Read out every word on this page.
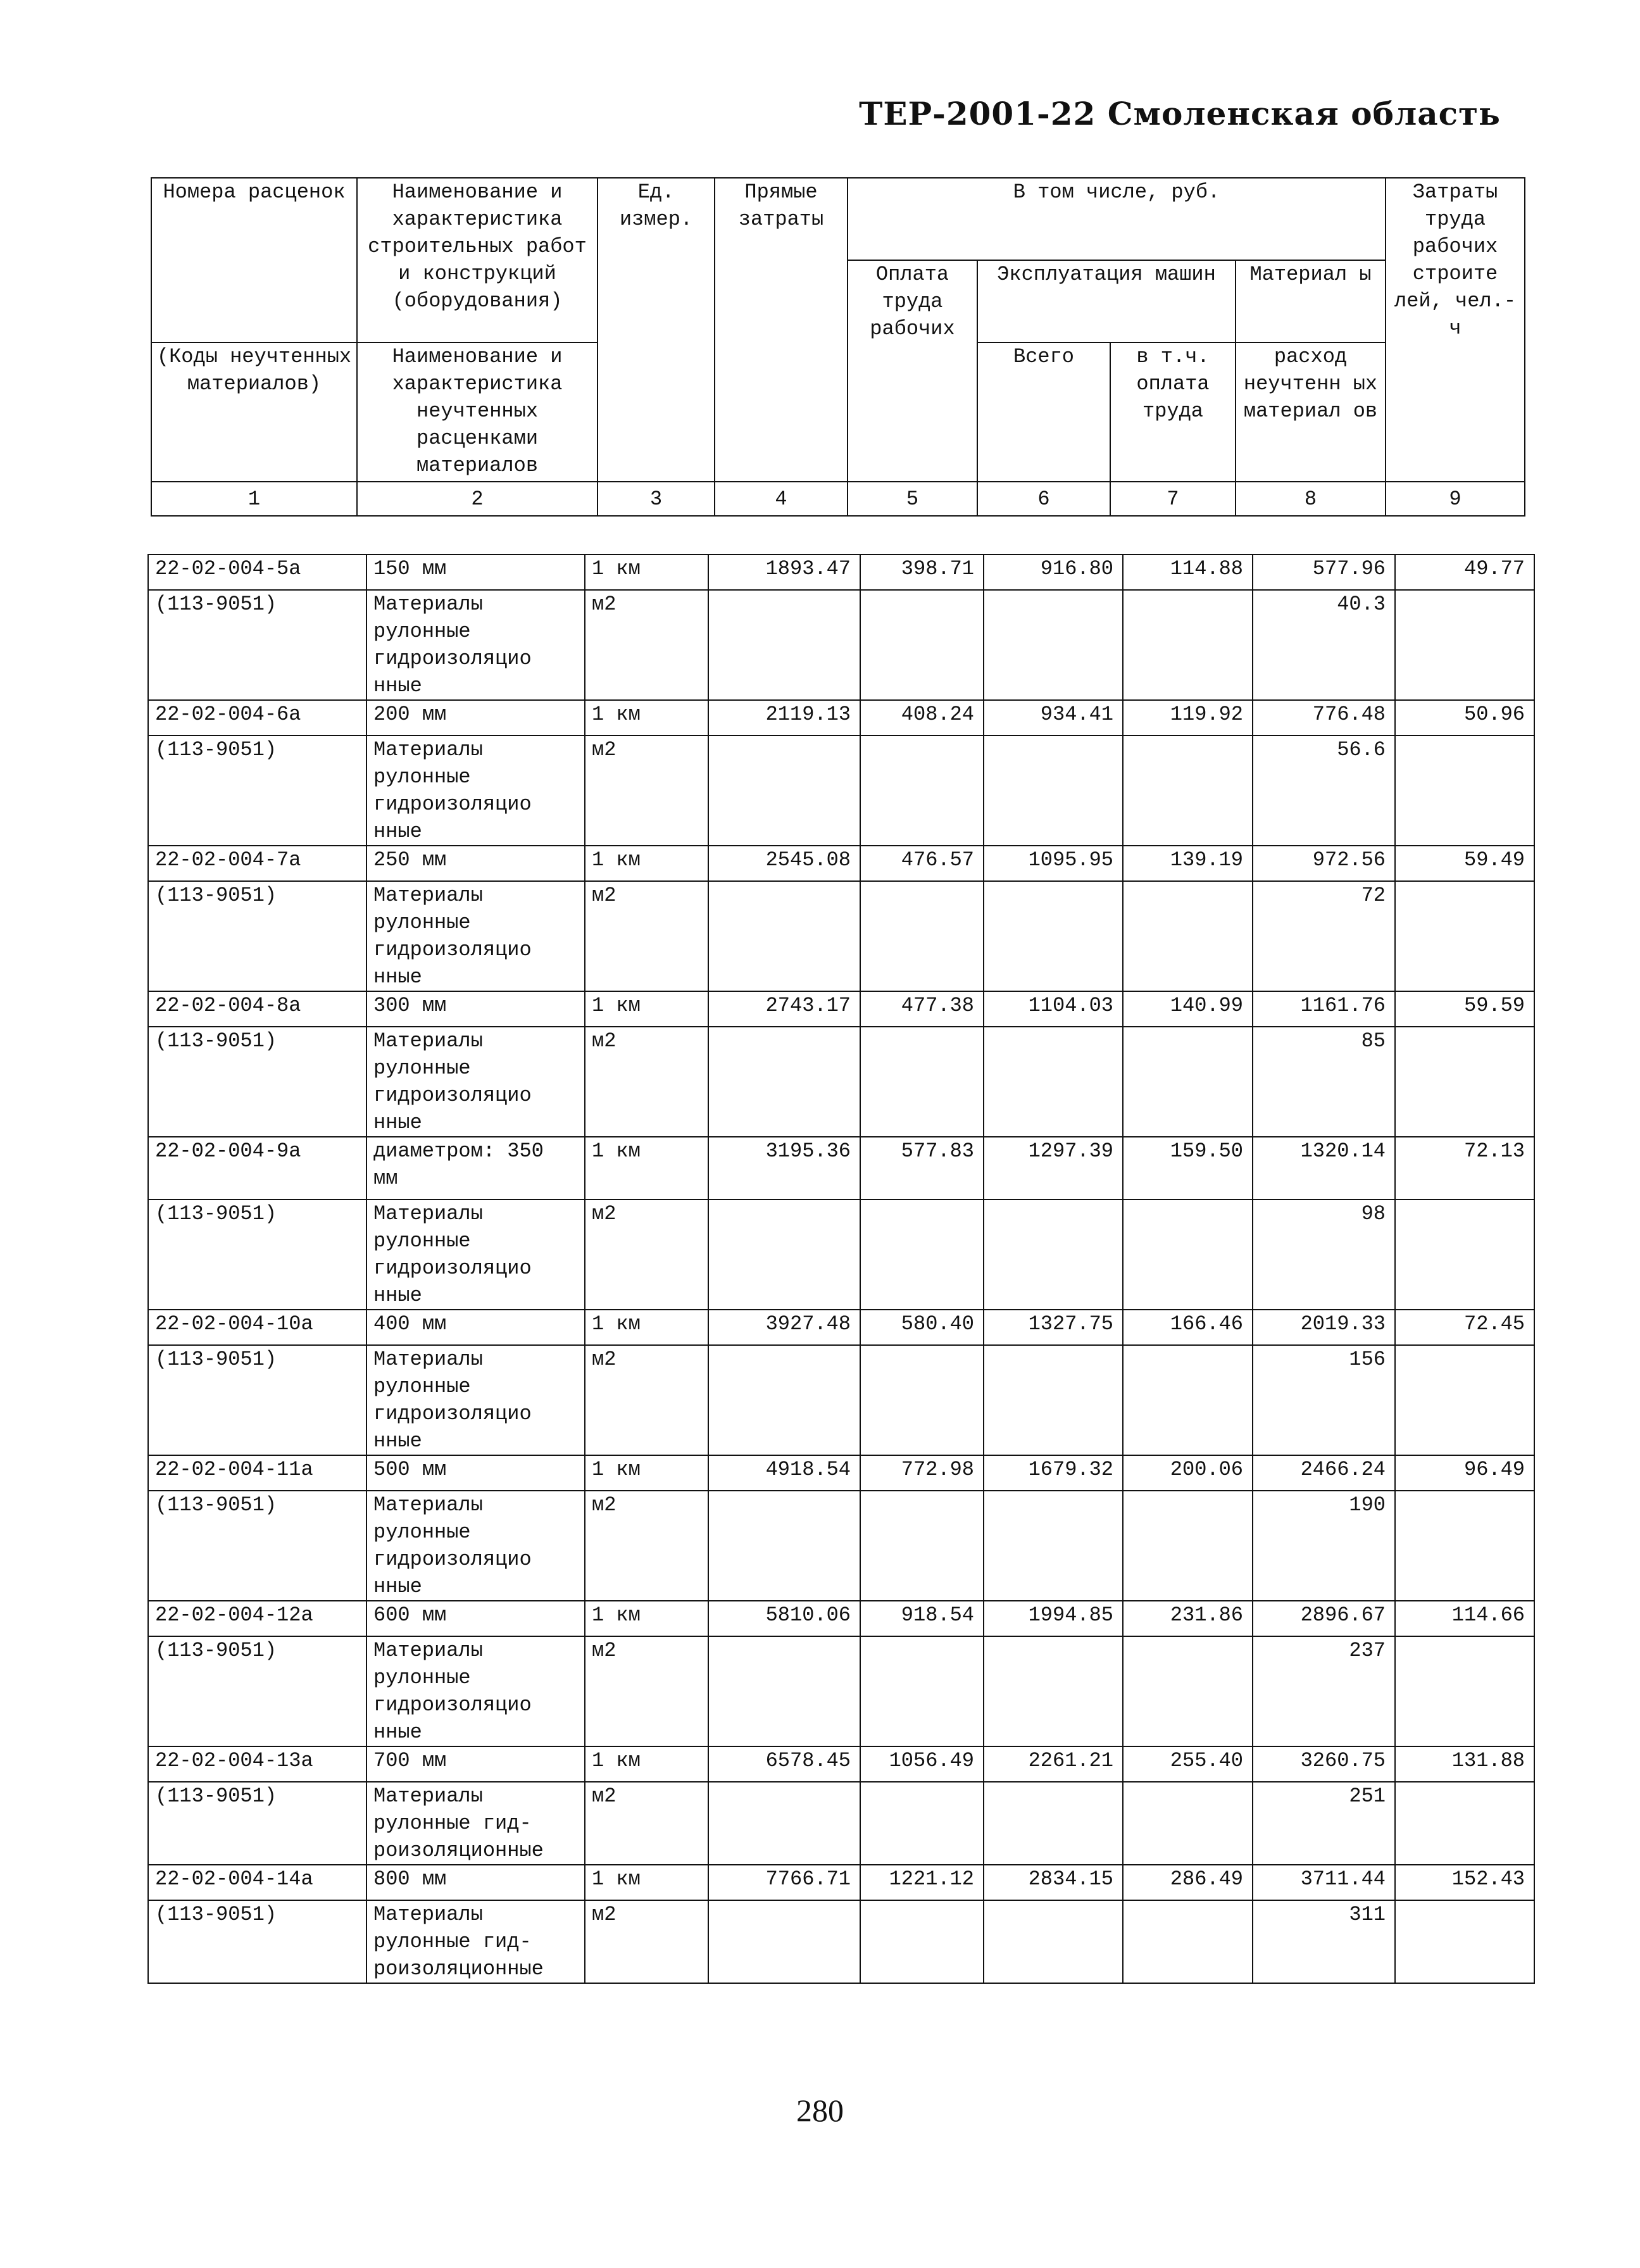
ТЕР-2001-22 Смоленская область
Номера расценок	Наименование и характеристика строительных работ и конструкций (оборудования)	Ед. измер.	Прямые затраты	В том числе, руб.				Затраты труда рабочих строите лей, чел.-ч
				Оплата труда рабочих	Эксплуатация машин		Материал ы	
(Коды неучтенных материалов)	Наименование и характеристика неучтенных расценками материалов				Всего	в т.ч. оплата труда	расход неучтенн ых материал ов	
1	2	3	4	5	6	7	8	9
22-02-004-5а	150 мм	1 км	1893.47	398.71	916.80	114.88	577.96	49.77
(113-9051)	Материалы рулонные гидроизоляцио нные	м2					40.3	
22-02-004-6а	200 мм	1 км	2119.13	408.24	934.41	119.92	776.48	50.96
(113-9051)	Материалы рулонные гидроизоляцио нные	м2					56.6	
22-02-004-7а	250 мм	1 км	2545.08	476.57	1095.95	139.19	972.56	59.49
(113-9051)	Материалы рулонные гидроизоляцио нные	м2					72	
22-02-004-8а	300 мм	1 км	2743.17	477.38	1104.03	140.99	1161.76	59.59
(113-9051)	Материалы рулонные гидроизоляцио нные	м2					85	
22-02-004-9а	диаметром: 350 мм	1 км	3195.36	577.83	1297.39	159.50	1320.14	72.13
(113-9051)	Материалы рулонные гидроизоляцио нные	м2					98	
22-02-004-10а	400 мм	1 км	3927.48	580.40	1327.75	166.46	2019.33	72.45
(113-9051)	Материалы рулонные гидроизоляцио нные	м2					156	
22-02-004-11а	500 мм	1 км	4918.54	772.98	1679.32	200.06	2466.24	96.49
(113-9051)	Материалы рулонные гидроизоляцио нные	м2					190	
22-02-004-12а	600 мм	1 км	5810.06	918.54	1994.85	231.86	2896.67	114.66
(113-9051)	Материалы рулонные гидроизоляцио нные	м2					237	
22-02-004-13а	700 мм	1 км	6578.45	1056.49	2261.21	255.40	3260.75	131.88
(113-9051)	Материалы рулонные гид- роизоляционные	м2					251	
22-02-004-14а	800 мм	1 км	7766.71	1221.12	2834.15	286.49	3711.44	152.43
(113-9051)	Материалы рулонные гид- роизоляционные	м2					311	
280
